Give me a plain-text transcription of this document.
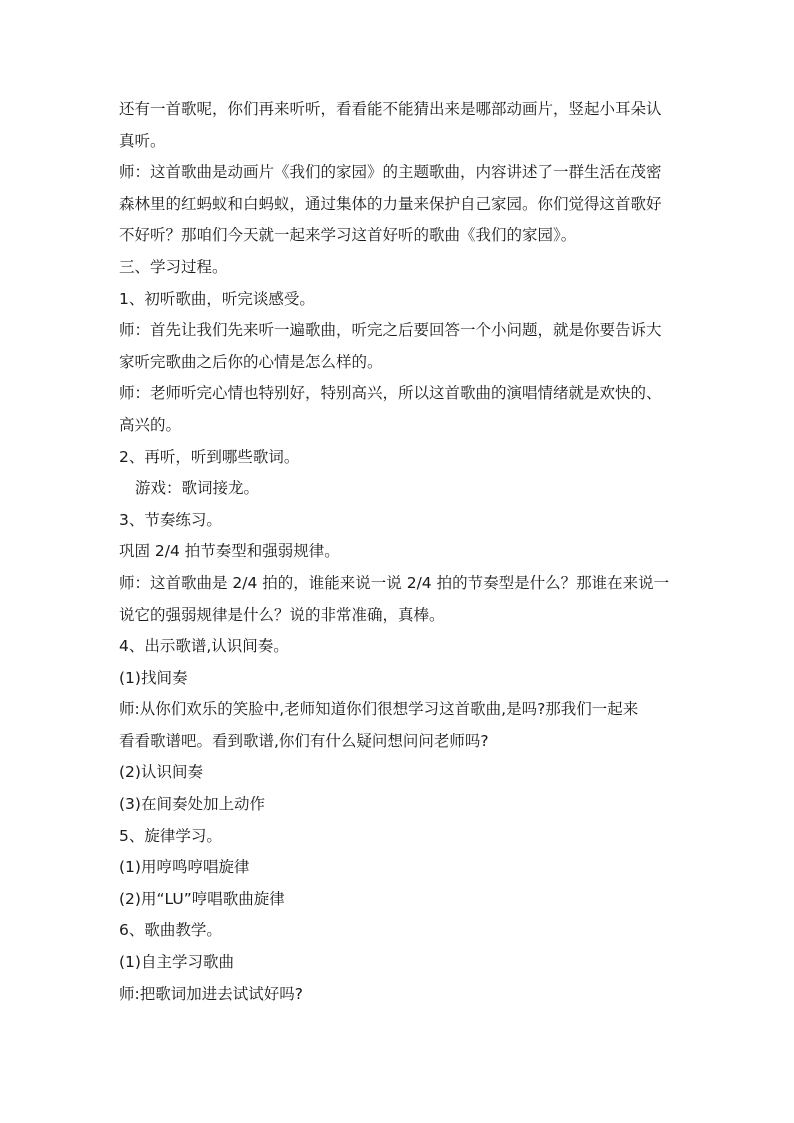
还有一首歌呢，你们再来听听，看看能不能猜出来是哪部动画片，竖起小耳朵认
真听。
师：这首歌曲是动画片《我们的家园》的主题歌曲，内容讲述了一群生活在茂密
森林里的红蚂蚁和白蚂蚁，通过集体的力量来保护自己家园。你们觉得这首歌好
不好听？那咱们今天就一起来学习这首好听的歌曲《我们的家园》。
三、学习过程。
1、初听歌曲，听完谈感受。
师：首先让我们先来听一遍歌曲，听完之后要回答一个小问题，就是你要告诉大
家听完歌曲之后你的心情是怎么样的。
师：老师听完心情也特别好，特别高兴，所以这首歌曲的演唱情绪就是欢快的、
高兴的。
2、再听，听到哪些歌词。
游戏：歌词接龙。
3、节奏练习。
巩固 2/4 拍节奏型和强弱规律。
师：这首歌曲是 2/4 拍的，谁能来说一说 2/4 拍的节奏型是什么？那谁在来说一
说它的强弱规律是什么？说的非常准确，真棒。
4、出示歌谱,认识间奏。
(1)找间奏
师:从你们欢乐的笑脸中,老师知道你们很想学习这首歌曲,是吗?那我们一起来
看看歌谱吧。看到歌谱,你们有什么疑问想问问老师吗?
(2)认识间奏
(3)在间奏处加上动作
5、旋律学习。
(1)用哼鸣哼唱旋律
(2)用“LU”哼唱歌曲旋律
6、歌曲教学。
(1)自主学习歌曲
师:把歌词加进去试试好吗?
